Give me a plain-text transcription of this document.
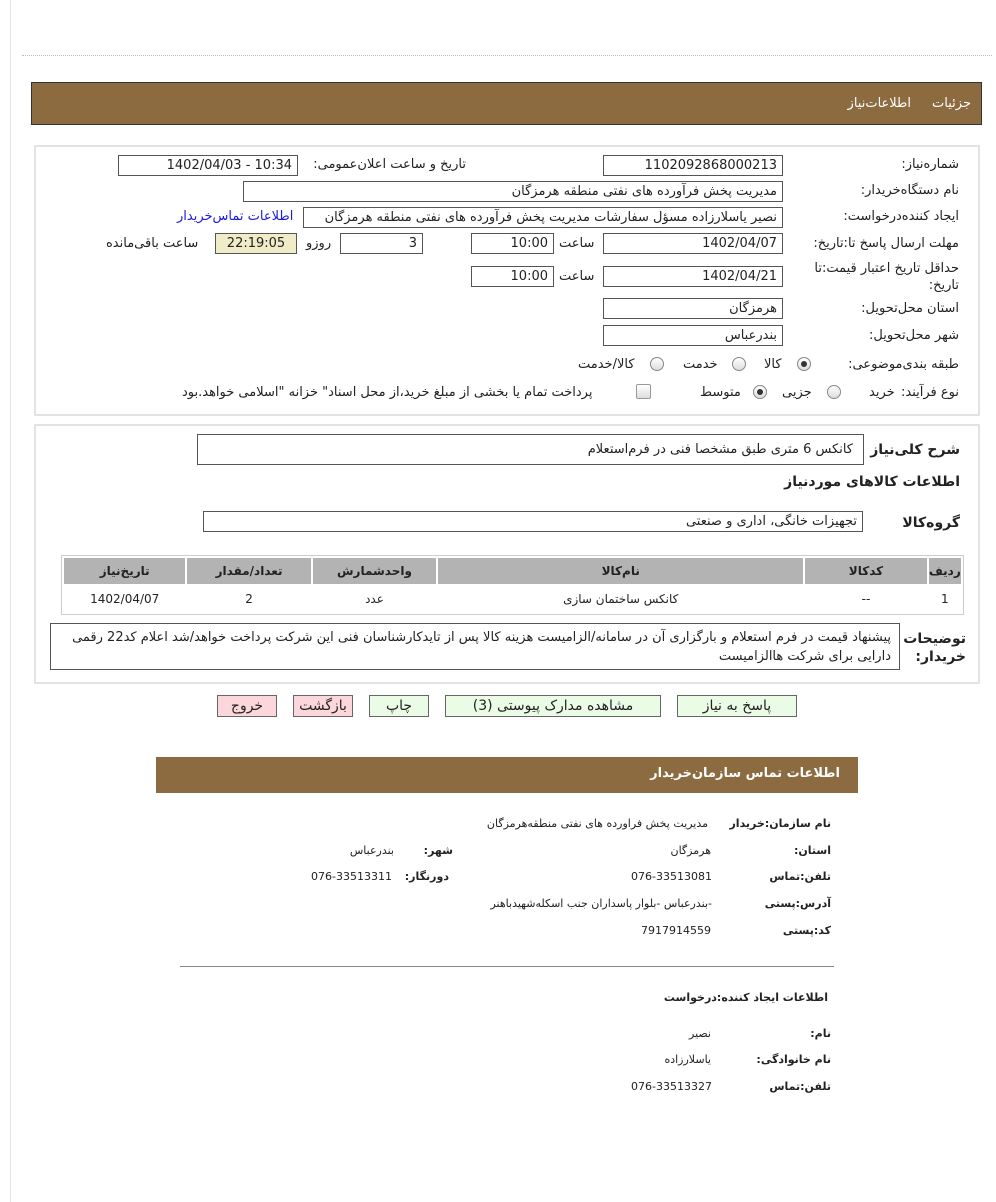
جزئیات
اطلاعات‌نیاز
شماره‌نیاز:
1102092868000213
تاریخ و ساعت اعلان‌عمومی:
1402/04/03 - 10:34
نام دستگاه‌خریدار:
مدیریت پخش فرآورده های نفتی منطقه هرمزگان
ایجاد کننده‌درخواست:
نصیر یاسلارزاده مسؤل سفارشات مدیریت پخش فرآورده های نفتی منطقه هرمزگان
اطلاعات تماس‌خریدار
مهلت ارسال پاسخ تا:تاریخ:
1402/04/07
ساعت
10:00
3
روزو
22:19:05
ساعت باقی‌مانده
حداقل تاریخ اعتبار قیمت:تا
تاریخ:
1402/04/21
ساعت
10:00
استان محل‌تحویل:
هرمزگان
شهر محل‌تحویل:
بندرعباس
طبقه بندی‌موضوعی:
کالا
خدمت
کالا/خدمت
نوع فرآیند:
خرید
جزیی
متوسط
پرداخت تمام یا بخشی از مبلغ خرید،از محل اسناد" خزانه "اسلامی خواهد.بود
شرح کلی‌نیاز
کانکس 6 متری طبق مشخصا فنی در فرم‌استعلام
اطلاعات کالاهای موردنیاز
گروه‌کالا
تجهیزات خانگی، اداری و صنعتی
ردیف	کدکالا	نام‌کالا	واحدشمارش	تعداد/مقدار	تاریخ‌نیاز
1	--	کانکس ساختمان سازی	عدد	2	1402/04/07
توضیحات خریدار:
پیشنهاد قیمت در فرم استعلام و بارگزاری آن در سامانه/الزامیست هزینه کالا پس از تایدکارشناسان فنی این شرکت پرداخت خواهد/شد اعلام کد22 رقمی دارایی برای شرکت هاالزامیست
پاسخ به نیاز
مشاهده مدارک پیوستی (3)
چاپ
بازگشت
خروج
اطلاعات تماس سازمان‌خریدار
نام سازمان:خریدار
مدیریت پخش فراورده های نفتی منطقه‌هرمزگان
استان:
هرمزگان
شهر:
بندرعباس
تلفن:تماس
076-33513081
دورنگار:
076-33513311
آدرس:پستی
-بندرعباس -بلوار پاسداران جنب اسکله‌شهیدباهنر
کد:پستی
7917914559
اطلاعات ایجاد کننده:درخواست
نام:
نصیر
نام خانوادگی:
یاسلارزاده
تلفن:تماس
076-33513327
